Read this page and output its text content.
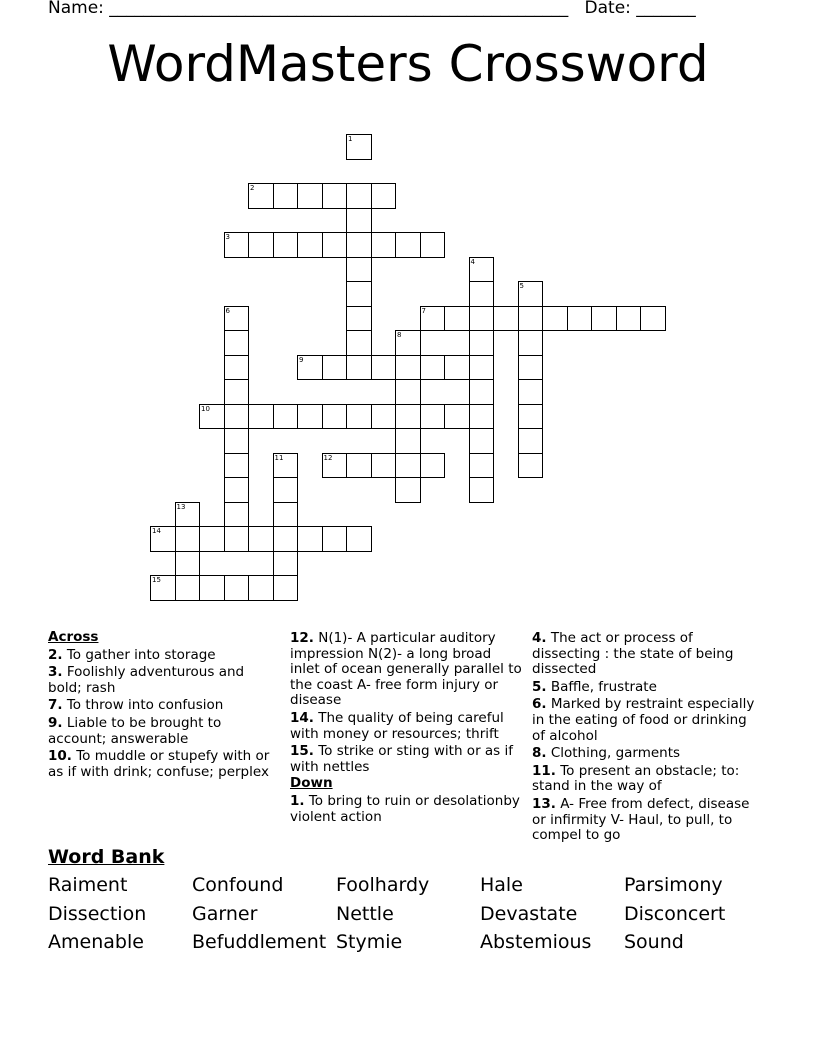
Name: ______________________________________________________ Date: _______
WordMasters Crossword
1
2
3
4
5
6	7
8
9
10
11	12
13
14
15
Across
2. To gather into storage
3. Foolishly adventurous and bold; rash
7. To throw into confusion
9. Liable to be brought to account; answerable
10. To muddle or stupefy with or as if with drink; confuse; perplex
12. N(1)- A particular auditory impression N(2)- a long broad inlet of ocean generally parallel to the coast A- free form injury or disease
14. The quality of being careful with money or resources; thrift
15. To strike or sting with or as if with nettles
Down
1. To bring to ruin or desolationby violent action
4. The act or process of dissecting : the state of being dissected
5. Baffle, frustrate
6. Marked by restraint especially in the eating of food or drinking of alcohol
8. Clothing, garments
11. To present an obstacle; to: stand in the way of
13. A- Free from defect, disease or infirmity V- Haul, to pull, to compel to go
Word Bank
Raiment	Confound	Foolhardy	Hale	Parsimony
Dissection	Garner	Nettle	Devastate	Disconcert
Amenable	Befuddlement Stymie	Abstemious	Sound
